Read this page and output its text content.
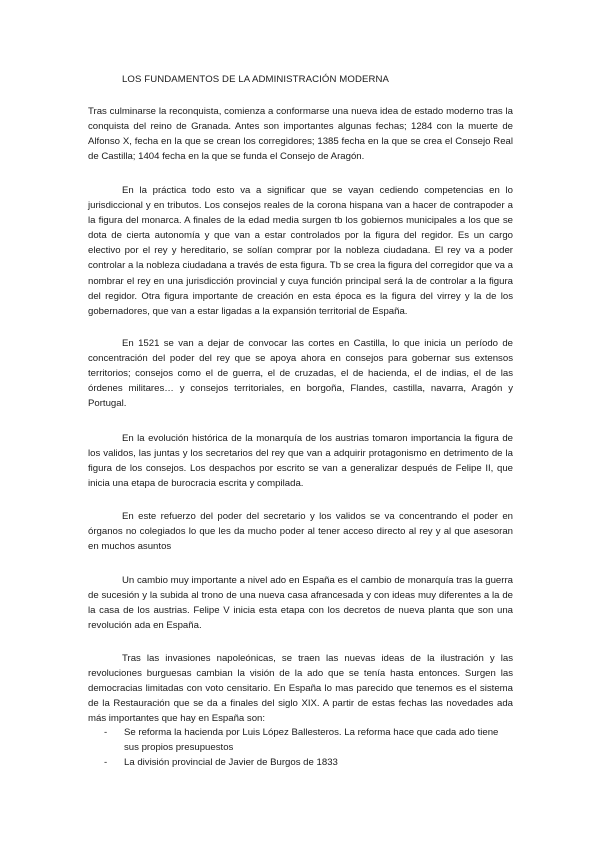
LOS FUNDAMENTOS DE LA ADMINISTRACIÓN MODERNA

Tras culminarse la reconquista, comienza a conformarse una nueva idea de estado moderno tras la conquista del reino de Granada. Antes son importantes algunas fechas; 1284 con la muerte de Alfonso X, fecha en la que se crean los corregidores; 1385 fecha en la que se crea el Consejo Real de Castilla; 1404 fecha en la que se funda el Consejo de Aragón.

En la práctica todo esto va a significar que se vayan cediendo competencias en lo jurisdiccional y en tributos. Los consejos reales de la corona hispana van a hacer de contrapoder a la figura del monarca. A finales de la edad media surgen tb los gobiernos municipales a los que se dota de cierta autonomía y que van a estar controlados por la figura del regidor. Es un cargo electivo por el rey y hereditario, se solían comprar por la nobleza ciudadana. El rey va a poder controlar a la nobleza ciudadana a través de esta figura. Tb se crea la figura del corregidor que va a nombrar el rey en una jurisdicción provincial y cuya función principal será la de controlar a la figura del regidor. Otra figura importante de creación en esta época es la figura del virrey y la de los gobernadores, que van a estar ligadas a la expansión territorial de España.

En 1521 se van a dejar de convocar las cortes en Castilla, lo que inicia un período de concentración del poder del rey que se apoya ahora en consejos para gobernar sus extensos territorios; consejos como el de guerra, el de cruzadas, el de hacienda, el de indias, el de las órdenes militares… y consejos territoriales, en borgoña, Flandes, castilla, navarra, Aragón y Portugal.

En la evolución histórica de la monarquía de los austrias tomaron importancia la figura de los validos, las juntas y los secretarios del rey que van a adquirir protagonismo en detrimento de la figura de los consejos. Los despachos por escrito se van a generalizar después de Felipe II, que inicia una etapa de burocracia escrita y compilada.

En este refuerzo del poder del secretario y los validos se va concentrando el poder en órganos no colegiados lo que les da mucho poder al tener acceso directo al rey y al que asesoran en muchos asuntos

Un cambio muy importante a nivel ado en España es el cambio de monarquía tras la guerra de sucesión y la subida al trono de una nueva casa afrancesada y con ideas muy diferentes a la de la casa de los austrias. Felipe V inicia esta etapa con los decretos de nueva planta que son una revolución ada en España.

Tras las invasiones napoleónicas, se traen las nuevas ideas de la ilustración y las revoluciones burguesas cambian la visión de la ado que se tenía hasta entonces. Surgen las democracias limitadas con voto censitario. En España lo mas parecido que tenemos es el sistema de la Restauración que se da a finales del siglo XIX. A partir de estas fechas las novedades ada más importantes que hay en España son:

- Se reforma la hacienda por Luis López Ballesteros. La reforma hace que cada ado tiene sus propios presupuestos
- La división provincial de Javier de Burgos de 1833
